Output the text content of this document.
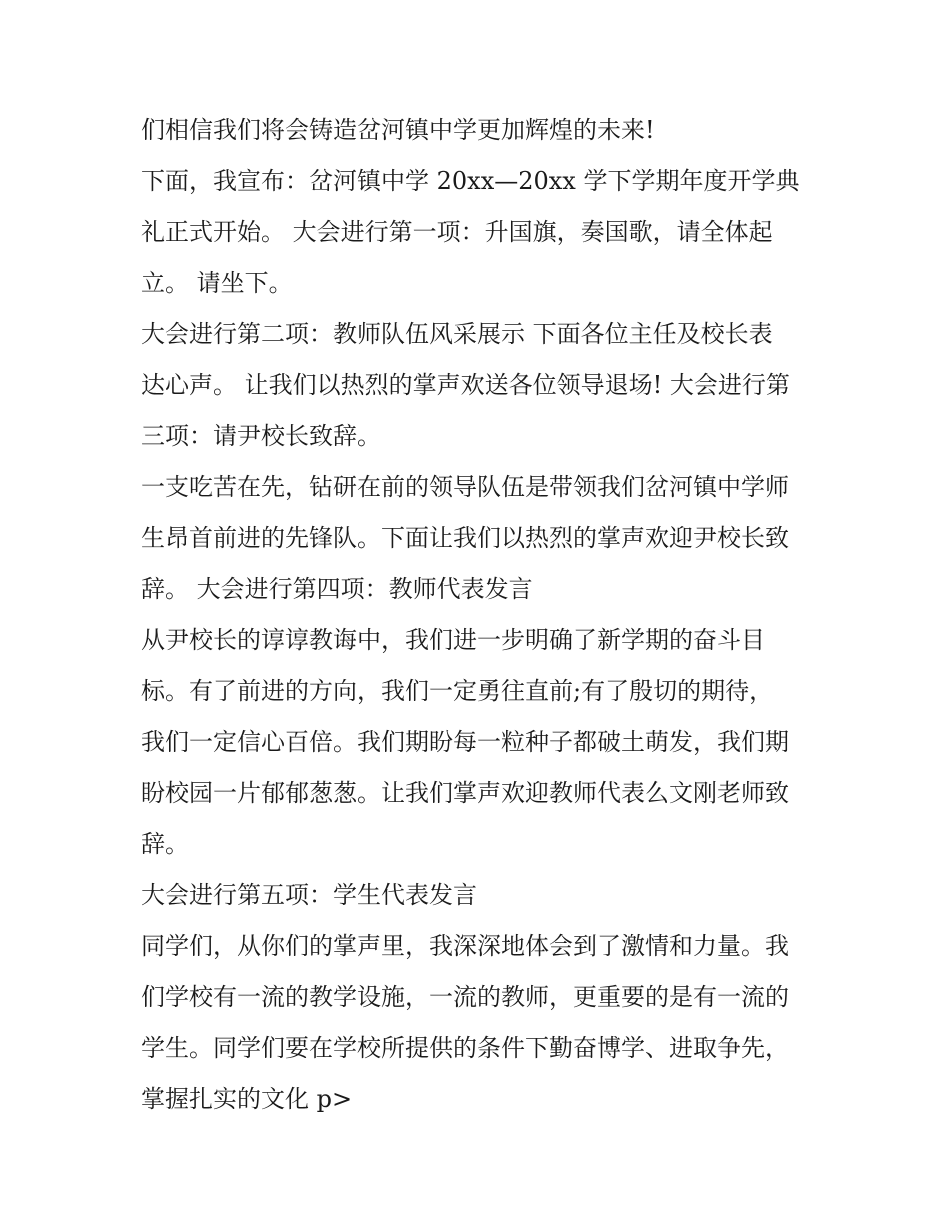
们相信我们将会铸造岔河镇中学更加辉煌的未来!
下面，我宣布：岔河镇中学 20xx—20xx 学下学期年度开学典
礼正式开始。 大会进行第一项：升国旗，奏国歌，请全体起
立。 请坐下。
大会进行第二项：教师队伍风采展示 下面各位主任及校长表
达心声。 让我们以热烈的掌声欢送各位领导退场! 大会进行第
三项：请尹校长致辞。
一支吃苦在先，钻研在前的领导队伍是带领我们岔河镇中学师
生昂首前进的先锋队。下面让我们以热烈的掌声欢迎尹校长致
辞。 大会进行第四项：教师代表发言
从尹校长的谆谆教诲中，我们进一步明确了新学期的奋斗目
标。有了前进的方向，我们一定勇往直前;有了殷切的期待，
我们一定信心百倍。我们期盼每一粒种子都破土萌发，我们期
盼校园一片郁郁葱葱。让我们掌声欢迎教师代表么文刚老师致
辞。
大会进行第五项：学生代表发言
同学们，从你们的掌声里，我深深地体会到了激情和力量。我
们学校有一流的教学设施，一流的教师，更重要的是有一流的
学生。同学们要在学校所提供的条件下勤奋博学、进取争先，
掌握扎实的文化 p>
